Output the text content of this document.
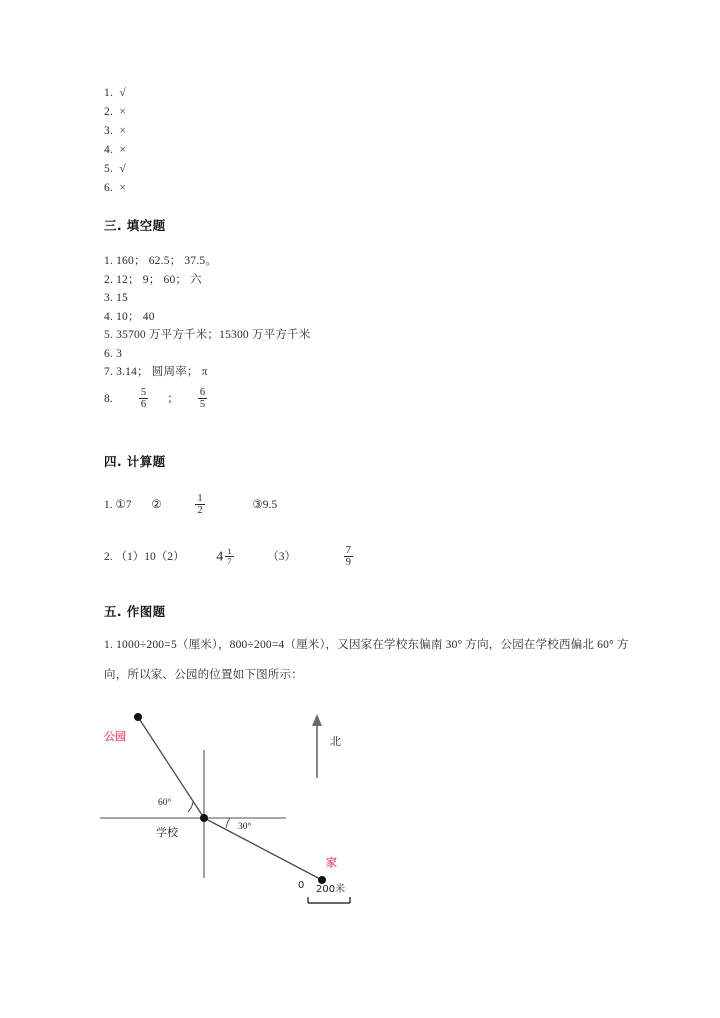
1. √
2. ×
3. ×
4. ×
5. √
6. ×
三. 填空题
1. 160； 62.5； 37.5。
2. 12； 9； 60； 六
3. 15
4. 10； 40
5. 35700 万平方千米；15300 万平方千米
6. 3
7. 3.14； 圆周率； π
8.	$\frac{5}{6}$ ； $\frac{6}{5}$
四. 计算题
1. ①7 ②	$\frac{1}{2}$	③9.5
2. （1）10（2） $4 \frac{1}{7}$	（3）	$\frac{7}{9}$
五. 作图题
1. 1000÷200=5（厘米），800÷200=4（厘米），又因家在学校东偏南 30° 方向，公园在学校西偏北 60° 方向，所以家、公园的位置如下图所示：
公园
学校
家
北
60°
30°
0 200米
